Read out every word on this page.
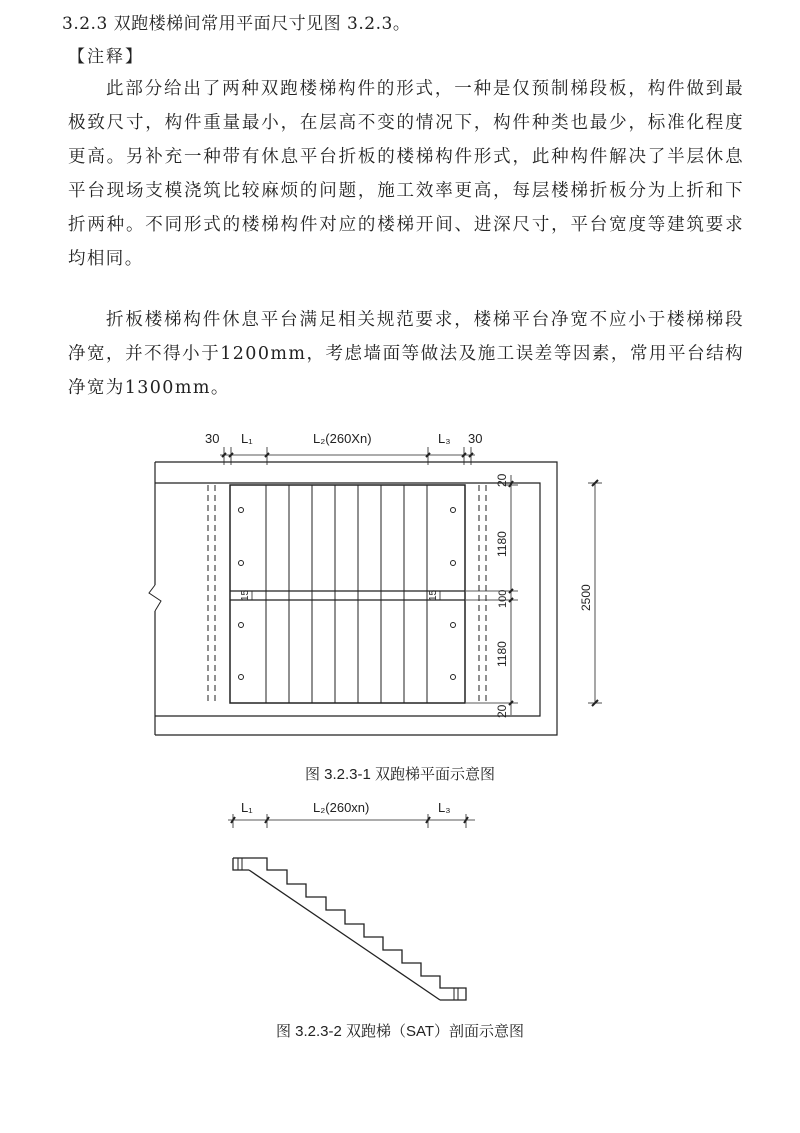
3.2.3 双跑楼梯间常用平面尺寸见图 3.2.3。
【注释】

此部分给出了两种双跑楼梯构件的形式，一种是仅预制梯段板，构件做到最极致尺寸，构件重量最小，在层高不变的情况下，构件种类也最少，标准化程度更高。另补充一种带有休息平台折板的楼梯构件形式，此种构件解决了半层休息平台现场支模浇筑比较麻烦的问题，施工效率更高，每层楼梯折板分为上折和下折两种。不同形式的楼梯构件对应的楼梯开间、进深尺寸，平台宽度等建筑要求均相同。

折板楼梯构件休息平台满足相关规范要求，楼梯平台净宽不应小于楼梯梯段净宽，并不得小于1200mm，考虑墙面等做法及施工误差等因素，常用平台结构净宽为1300mm。

30 L₁	L₂(260Xn)	L₃ 30
20
1180
100
1180
20
2500
15	15
图 3.2.3-1 双跑梯平面示意图
L₁	L₂(260xn)	L₃
图 3.2.3-2 双跑梯（SAT）剖面示意图
